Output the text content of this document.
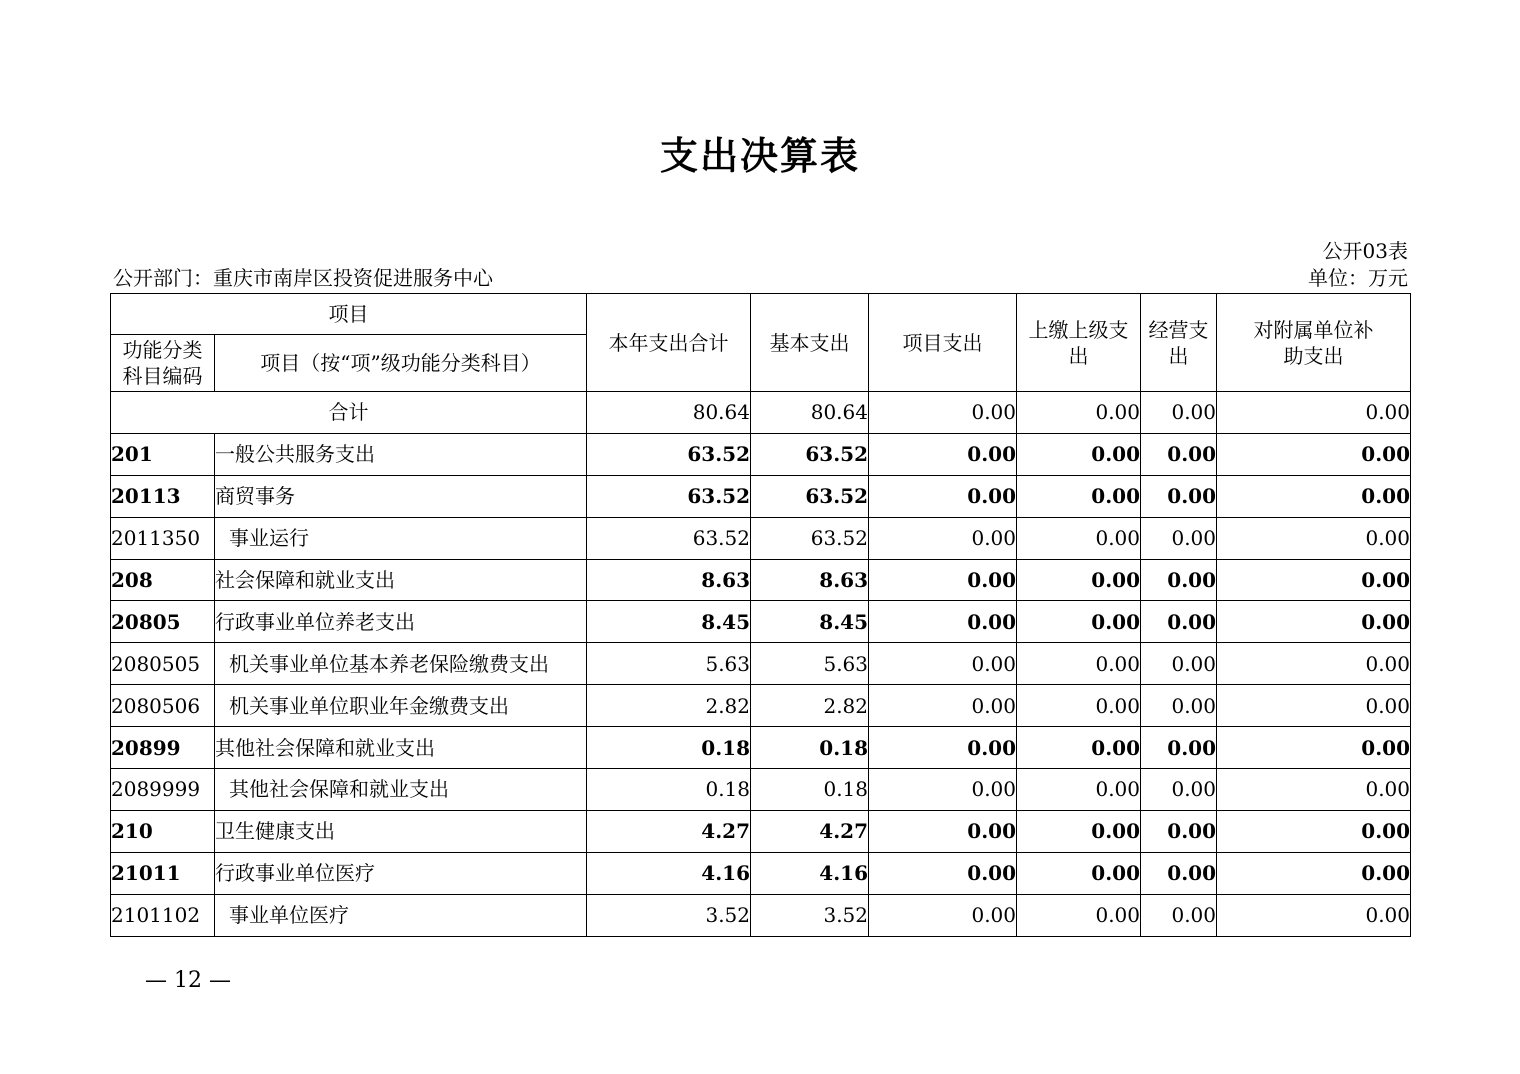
支出决算表
公开03表
公开部门：重庆市南岸区投资促进服务中心	单位：万元
项目		本年支出合计	基本支出	项目支出	上缴上级支出	经营支出	对附属单位补助支出
功能分类科目编码	项目（按“项”级功能分类科目）						
合计		80.64	80.64	0.00	0.00	0.00	0.00
201	一般公共服务支出	63.52	63.52	0.00	0.00	0.00	0.00
20113	商贸事务	63.52	63.52	0.00	0.00	0.00	0.00
2011350	事业运行	63.52	63.52	0.00	0.00	0.00	0.00
208	社会保障和就业支出	8.63	8.63	0.00	0.00	0.00	0.00
20805	行政事业单位养老支出	8.45	8.45	0.00	0.00	0.00	0.00
2080505	机关事业单位基本养老保险缴费支出	5.63	5.63	0.00	0.00	0.00	0.00
2080506	机关事业单位职业年金缴费支出	2.82	2.82	0.00	0.00	0.00	0.00
20899	其他社会保障和就业支出	0.18	0.18	0.00	0.00	0.00	0.00
2089999	其他社会保障和就业支出	0.18	0.18	0.00	0.00	0.00	0.00
210	卫生健康支出	4.27	4.27	0.00	0.00	0.00	0.00
21011	行政事业单位医疗	4.16	4.16	0.00	0.00	0.00	0.00
2101102	事业单位医疗	3.52	3.52	0.00	0.00	0.00	0.00
— 12 —
